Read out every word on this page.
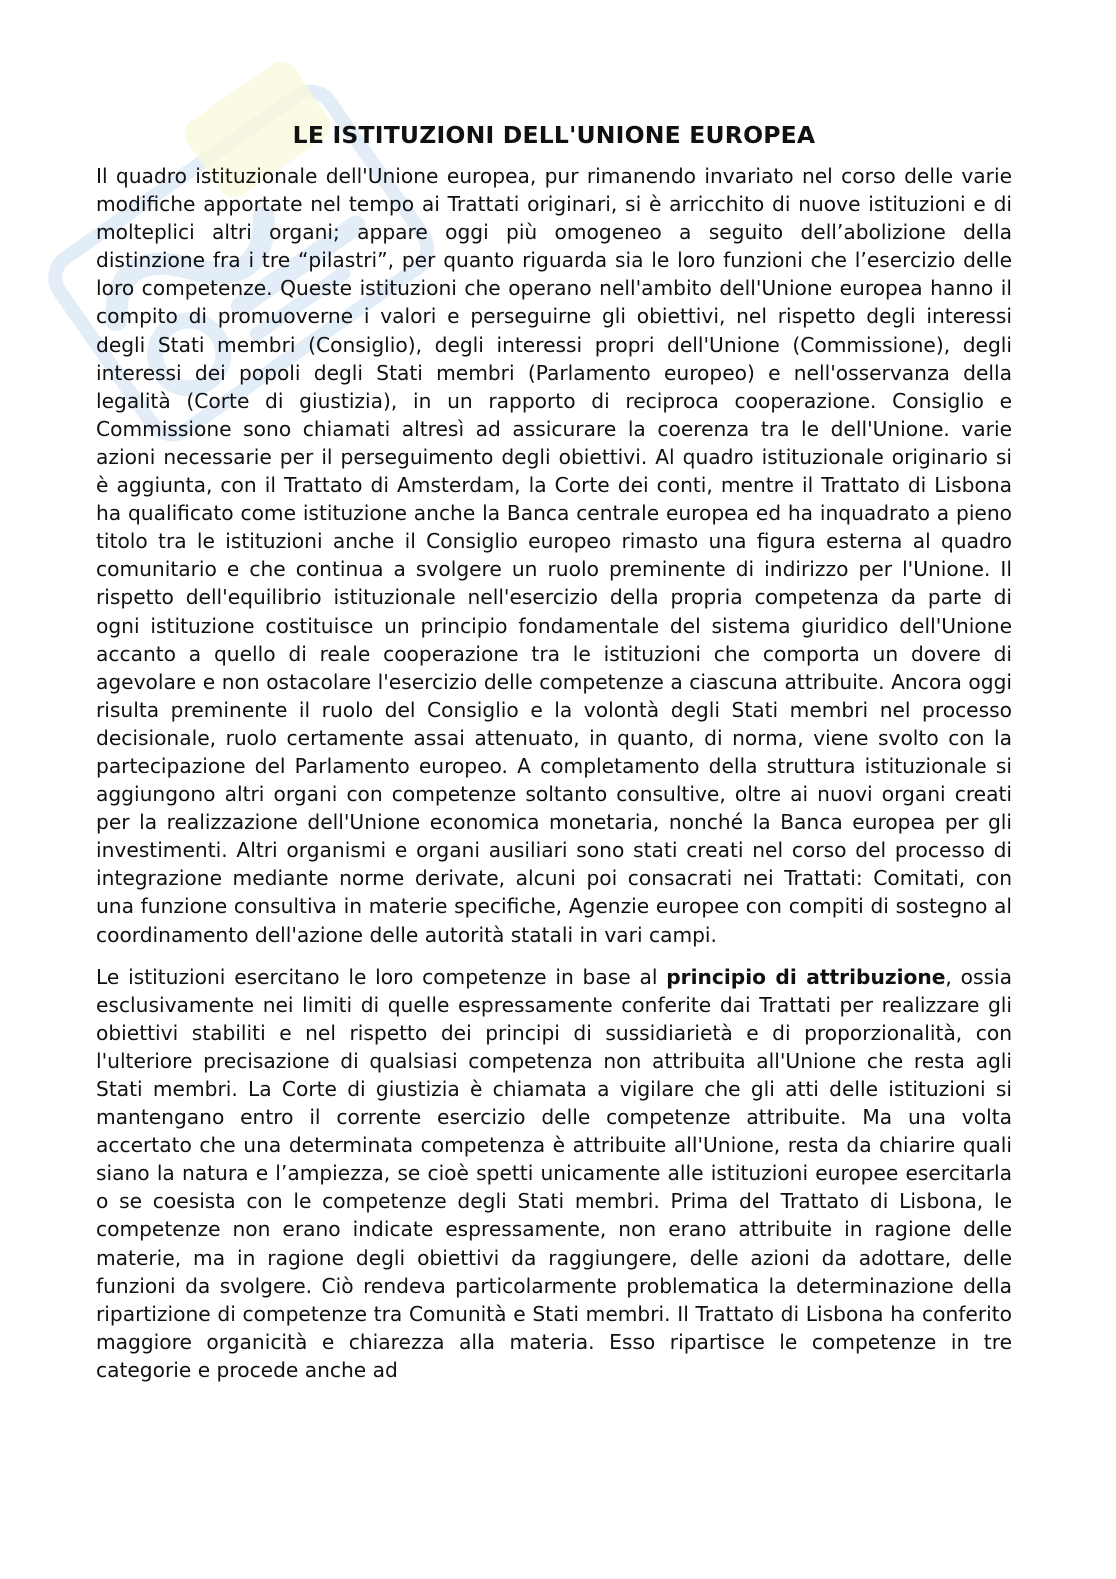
LE ISTITUZIONI DELL'UNIONE EUROPEA

Il quadro istituzionale dell'Unione europea, pur rimanendo invariato nel corso delle varie modifiche apportate nel tempo ai Trattati originari, si è arricchito di nuove istituzioni e di molteplici altri organi; appare oggi più omogeneo a seguito dell’abolizione della distinzione fra i tre “pilastri”, per quanto riguarda sia le loro funzioni che l’esercizio delle loro competenze. Queste istituzioni che operano nell'ambito dell'Unione europea hanno il compito di promuoverne i valori e perseguirne gli obiettivi, nel rispetto degli interessi degli Stati membri (Consiglio), degli interessi propri dell'Unione (Commissione), degli interessi dei popoli degli Stati membri (Parlamento europeo) e nell'osservanza della legalità (Corte di giustizia), in un rapporto di reciproca cooperazione. Consiglio e Commissione sono chiamati altresì ad assicurare la coerenza tra le dell'Unione. varie azioni necessarie per il perseguimento degli obiettivi. Al quadro istituzionale originario si è aggiunta, con il Trattato di Amsterdam, la Corte dei conti, mentre il Trattato di Lisbona ha qualificato come istituzione anche la Banca centrale europea ed ha inquadrato a pieno titolo tra le istituzioni anche il Consiglio europeo rimasto una figura esterna al quadro comunitario e che continua a svolgere un ruolo preminente di indirizzo per l'Unione. Il rispetto dell'equilibrio istituzionale nell'esercizio della propria competenza da parte di ogni istituzione costituisce un principio fondamentale del sistema giuridico dell'Unione accanto a quello di reale cooperazione tra le istituzioni che comporta un dovere di agevolare e non ostacolare l'esercizio delle competenze a ciascuna attribuite. Ancora oggi risulta preminente il ruolo del Consiglio e la volontà degli Stati membri nel processo decisionale, ruolo certamente assai attenuato, in quanto, di norma, viene svolto con la partecipazione del Parlamento europeo. A completamento della struttura istituzionale si aggiungono altri organi con competenze soltanto consultive, oltre ai nuovi organi creati per la realizzazione dell'Unione economica monetaria, nonché la Banca europea per gli investimenti. Altri organismi e organi ausiliari sono stati creati nel corso del processo di integrazione mediante norme derivate, alcuni poi consacrati nei Trattati: Comitati, con una funzione consultiva in materie specifiche, Agenzie europee con compiti di sostegno al coordinamento dell'azione delle autorità statali in vari campi.

Le istituzioni esercitano le loro competenze in base al principio di attribuzione, ossia esclusivamente nei limiti di quelle espressamente conferite dai Trattati per realizzare gli obiettivi stabiliti e nel rispetto dei principi di sussidiarietà e di proporzionalità, con l'ulteriore precisazione di qualsiasi competenza non attribuita all'Unione che resta agli Stati membri. La Corte di giustizia è chiamata a vigilare che gli atti delle istituzioni si mantengano entro il corrente esercizio delle competenze attribuite. Ma una volta accertato che una determinata competenza è attribuite all'Unione, resta da chiarire quali siano la natura e l’ampiezza, se cioè spetti unicamente alle istituzioni europee esercitarla o se coesista con le competenze degli Stati membri. Prima del Trattato di Lisbona, le competenze non erano indicate espressamente, non erano attribuite in ragione delle materie, ma in ragione degli obiettivi da raggiungere, delle azioni da adottare, delle funzioni da svolgere. Ciò rendeva particolarmente problematica la determinazione della ripartizione di competenze tra Comunità e Stati membri. Il Trattato di Lisbona ha conferito maggiore organicità e chiarezza alla materia. Esso ripartisce le competenze in tre categorie e procede anche ad
